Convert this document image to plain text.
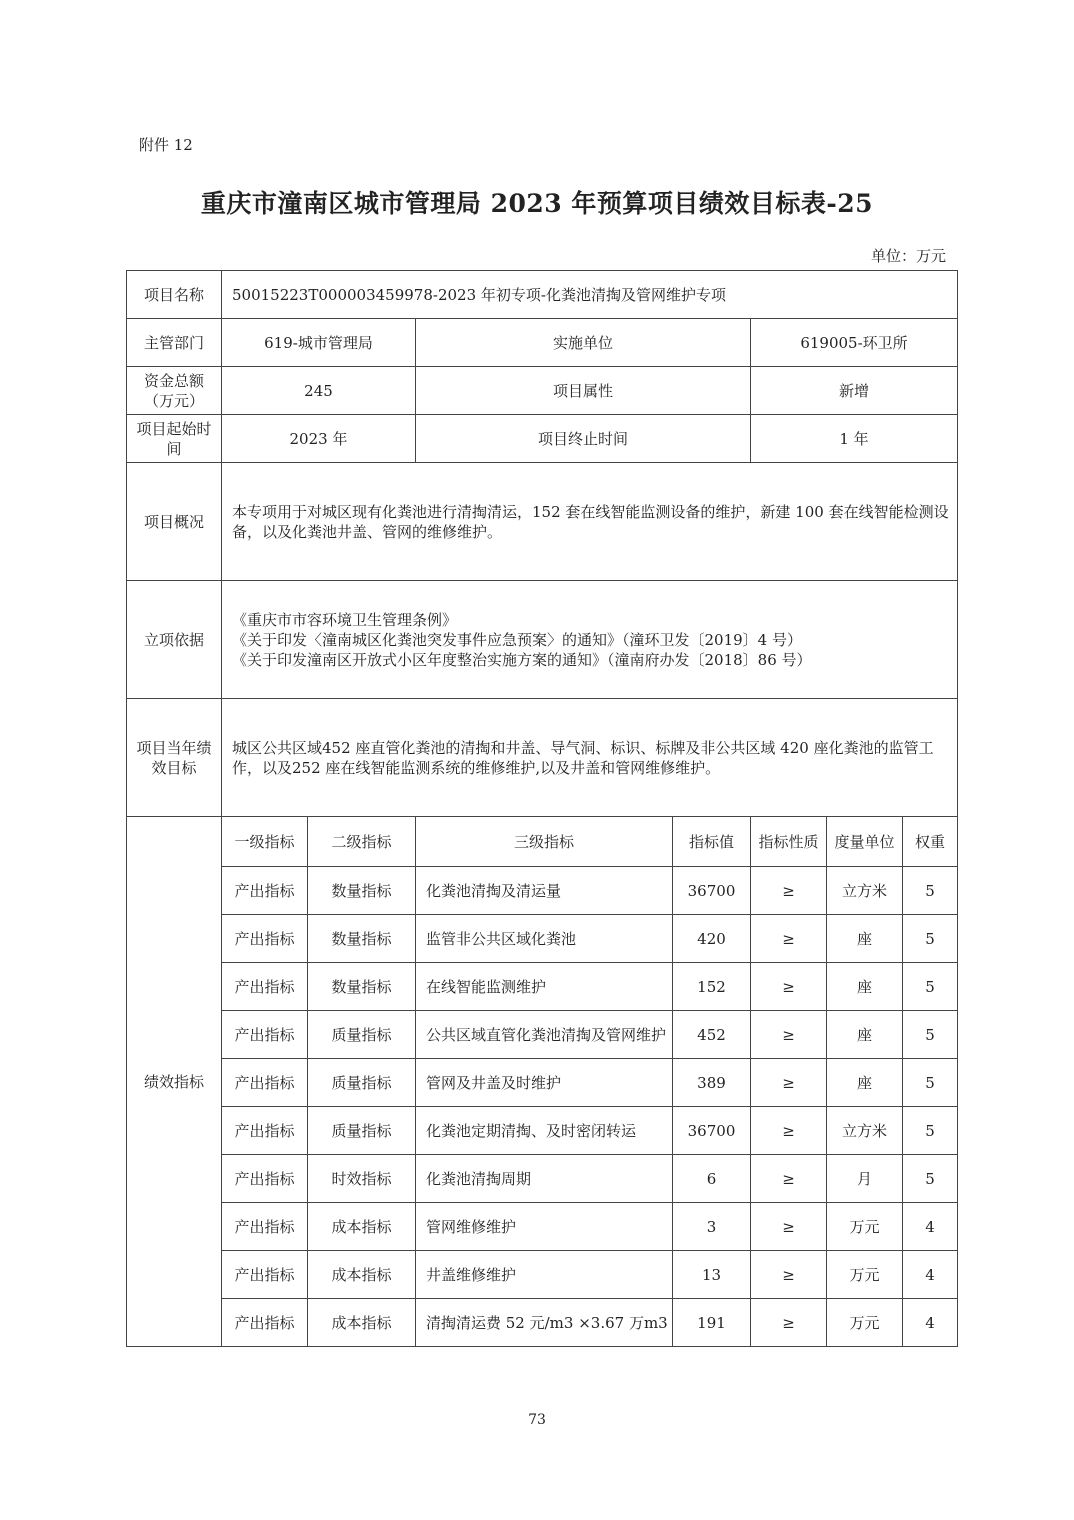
附件 12
重庆市潼南区城市管理局 2023 年预算项目绩效目标表-25
单位：万元
项目名称	50015223T000003459978-2023 年初专项-化粪池清掏及管网维护专项						
主管部门	619-城市管理局		实施单位		619005-环卫所		
资金总额（万元）	245		项目属性		新增		
项目起始时间	2023 年		项目终止时间		1 年		
项目概况	本专项用于对城区现有化粪池进行清掏清运，152 套在线智能监测设备的维护，新建 100 套在线智能检测设备，以及化粪池井盖、管网的维修维护。						
立项依据	《重庆市市容环境卫生管理条例》
《关于印发〈潼南城区化粪池突发事件应急预案〉的通知》（潼环卫发〔2019〕4 号）
《关于印发潼南区开放式小区年度整治实施方案的通知》（潼南府办发〔2018〕86 号）						

项目当年绩效目标	城区公共区域452 座直管化粪池的清掏和井盖、导气洞、标识、标牌及非公共区域 420 座化粪池的监管工作，以及252 座在线智能监测系统的维修维护,以及井盖和管网维修维护。						
绩效指标	一级指标	二级指标	三级指标	指标值	指标性质	度量单位	权重
	产出指标	数量指标	化粪池清掏及清运量	36700	≥	立方米	5
	产出指标	数量指标	监管非公共区域化粪池	420	≥	座	5
	产出指标	数量指标	在线智能监测维护	152	≥	座	5
	产出指标	质量指标	公共区域直管化粪池清掏及管网维护	452	≥	座	5
	产出指标	质量指标	管网及井盖及时维护	389	≥	座	5
	产出指标	质量指标	化粪池定期清掏、及时密闭转运	36700	≥	立方米	5
	产出指标	时效指标	化粪池清掏周期	6	≥	月	5
	产出指标	成本指标	管网维修维护	3	≥	万元	4
	产出指标	成本指标	井盖维修维护	13	≥	万元	4
	产出指标	成本指标	清掏清运费 52 元/m3 ×3.67 万m3	191	≥	万元	4
73
